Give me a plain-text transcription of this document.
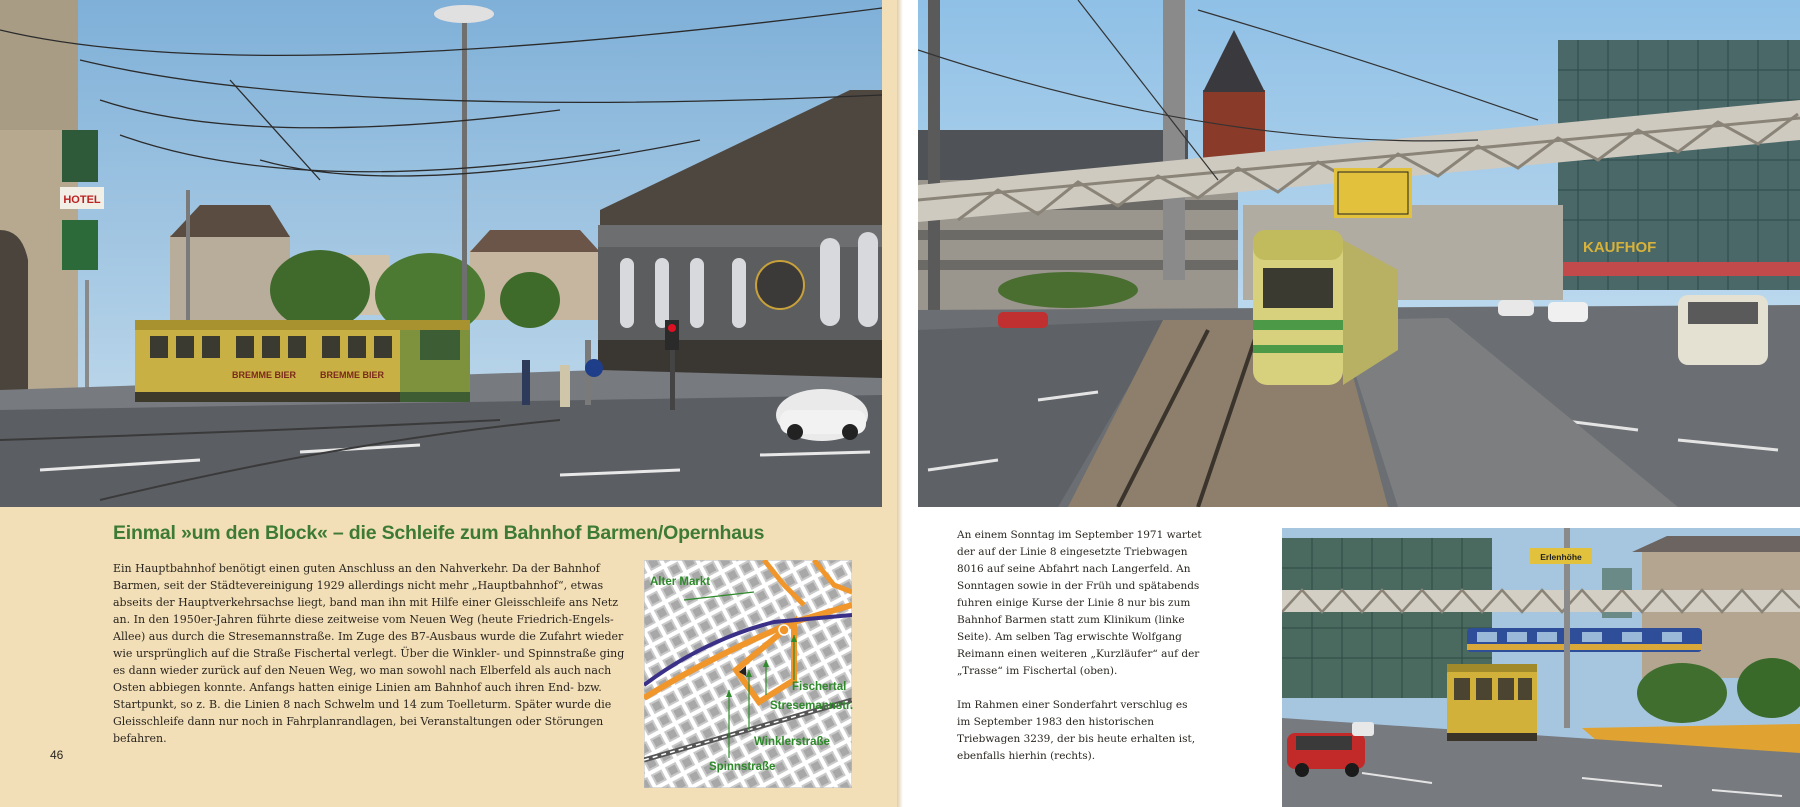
HOTEL
BREMME BIER	BREMME BIER
KAUFHOF
Erlenhöhe
Einmal »um den Block« – die Schleife zum Bahnhof Barmen/Opernhaus

Ein Hauptbahnhof benötigt einen guten Anschluss an den Nahverkehr. Da der Bahnhof Barmen, seit der Städtevereinigung 1929 allerdings nicht mehr „Hauptbahnhof“, etwas abseits der Hauptverkehrsachse liegt, band man ihn mit Hilfe einer Gleisschleife ans Netz an. In den 1950er-Jahren führte diese zeitweise vom Neuen Weg (heute Friedrich-Engels-Allee) aus durch die Stresemannstraße. Im Zuge des B7-Ausbaus wurde die Zufahrt wieder wie ursprünglich auf die Straße Fischertal verlegt. Über die Winkler- und Spinnstraße ging es dann wieder zurück auf den Neuen Weg, wo man sowohl nach Elberfeld als auch nach Osten abbiegen konnte. Anfangs hatten einige Linien am Bahnhof auch ihren End- bzw. Startpunkt, so z. B. die Linien 8 nach Schwelm und 14 zum Toelleturm. Später wurde die Gleisschleife dann nur noch in Fahrplanrandlagen, bei Veranstaltungen oder Störungen befahren.

46

An einem Sonntag im September 1971 wartet der auf der Linie 8 eingesetzte Triebwagen 8016 auf seine Abfahrt nach Langerfeld. An Sonntagen sowie in der Früh und spätabends fuhren einige Kurse der Linie 8 nur bis zum Bahnhof Barmen statt zum Klinikum (linke Seite). Am selben Tag erwischte Wolfgang Reimann einen weiteren „Kurzläufer“ auf der „Trasse“ im Fischertal (oben).

Im Rahmen einer Sonderfahrt verschlug es im September 1983 den historischen Triebwagen 3239, der bis heute erhalten ist, ebenfalls hierhin (rechts).

Alter Markt
Fischertal
Stresemannstr.
Winklerstraße
Spinnstraße
